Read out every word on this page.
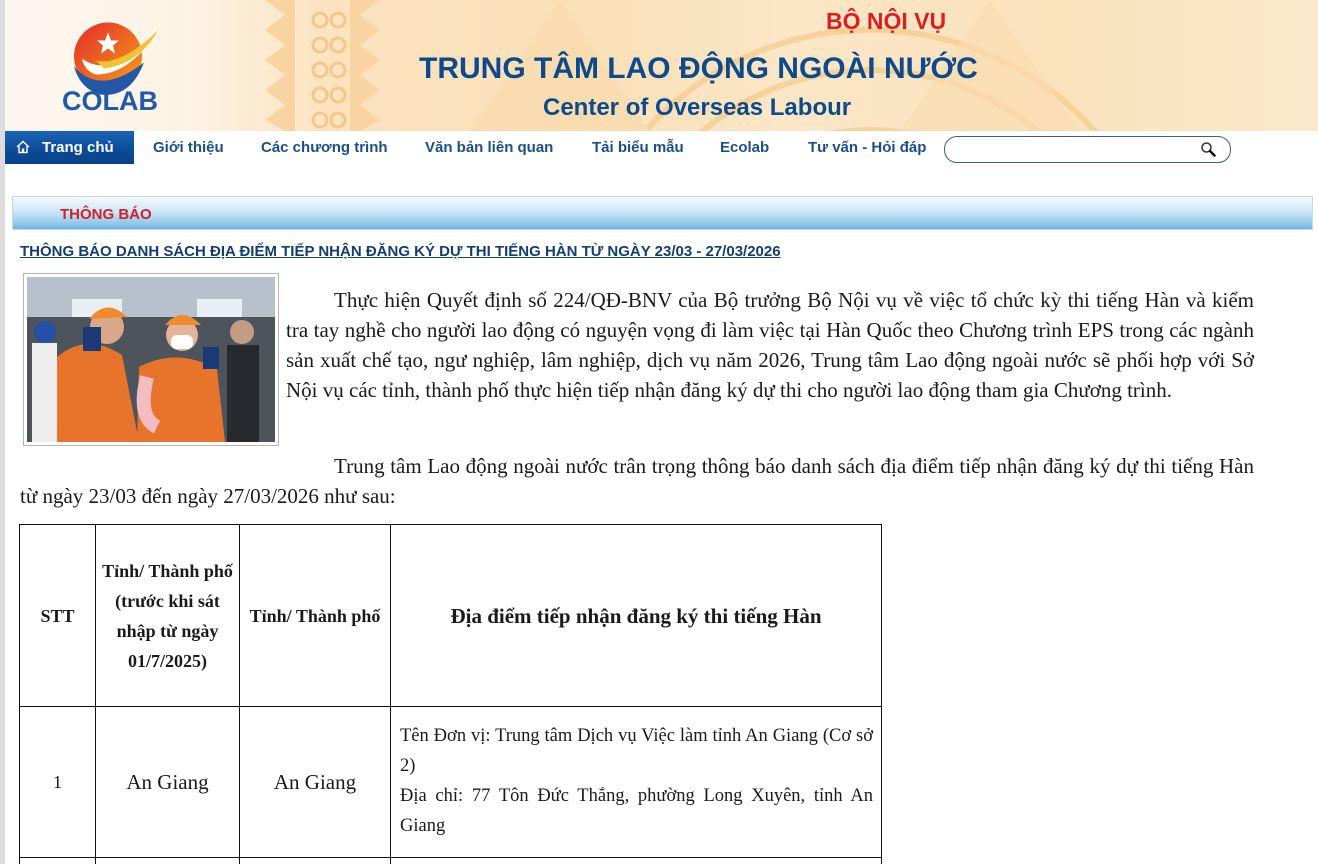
COLAB
BỘ NỘI VỤ
TRUNG TÂM LAO ĐỘNG NGOÀI NƯỚC
Center of Overseas Labour
Trang chủ	Giới thiệu Các chương trình Văn bản liên quan	Tải biểu mẫu Ecolab	Tư vấn - Hỏi đáp
THÔNG BÁO
THÔNG BÁO DANH SÁCH ĐỊA ĐIỂM TIẾP NHẬN ĐĂNG KÝ DỰ THI TIẾNG HÀN TỪ NGÀY 23/03 - 27/03/2026

Thực hiện Quyết định số 224/QĐ-BNV của Bộ trưởng Bộ Nội vụ về việc tổ chức kỳ thi tiếng Hàn và kiểm tra tay nghề cho người lao động có nguyện vọng đi làm việc tại Hàn Quốc theo Chương trình EPS trong các ngành sản xuất chế tạo, ngư nghiệp, lâm nghiệp, dịch vụ năm 2026, Trung tâm Lao động ngoài nước sẽ phối hợp với Sở Nội vụ các tỉnh, thành phố thực hiện tiếp nhận đăng ký dự thi cho người lao động tham gia Chương trình.

Trung tâm Lao động ngoài nước trân trọng thông báo danh sách địa điểm tiếp nhận đăng ký dự thi tiếng Hàn từ ngày 23/03 đến ngày 27/03/2026 như sau:

STT	Tỉnh/ Thành phố (trước khi sát nhập từ ngày 01/7/2025)	Tỉnh/ Thành phố	Địa điểm tiếp nhận đăng ký thi tiếng Hàn
1	An Giang	An Giang	Tên Đơn vị: Trung tâm Dịch vụ Việc làm tỉnh An Giang (Cơ sở 2)
Địa chỉ: 77 Tôn Đức Thắng, phường Long Xuyên, tỉnh An Giang
